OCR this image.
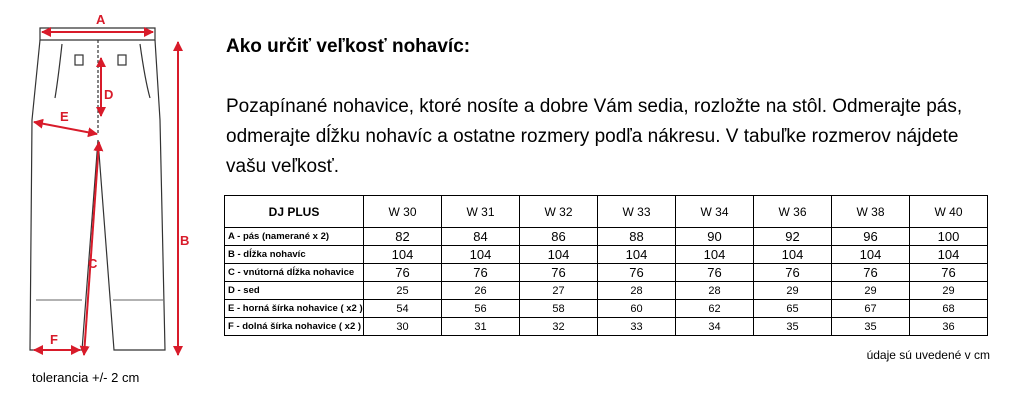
A
B
C
D
E
F
tolerancia +/- 2 cm
Ako určiť veľkosť nohavíc:

Pozapínané nohavice, ktoré nosíte a dobre Vám sedia, rozložte na stôl. Odmerajte pás, odmerajte dĺžku nohavíc a ostatne rozmery podľa nákresu. V tabuľke rozmerov nájdete vašu veľkosť.

DJ PLUS	W 30	W 31	W 32	W 33	W 34	W 36	W 38	W 40
A - pás (namerané x 2)	82	84	86	88	90	92	96	100
B - dĺžka nohavíc	104	104	104	104	104	104	104	104
C - vnútorná dĺžka nohavice	76	76	76	76	76	76	76	76
D - sed	25	26	27	28	28	29	29	29
E - horná šírka nohavice ( x2 )	54	56	58	60	62	65	67	68
F - dolná šírka nohavice ( x2 )	30	31	32	33	34	35	35	36
údaje sú uvedené v cm
